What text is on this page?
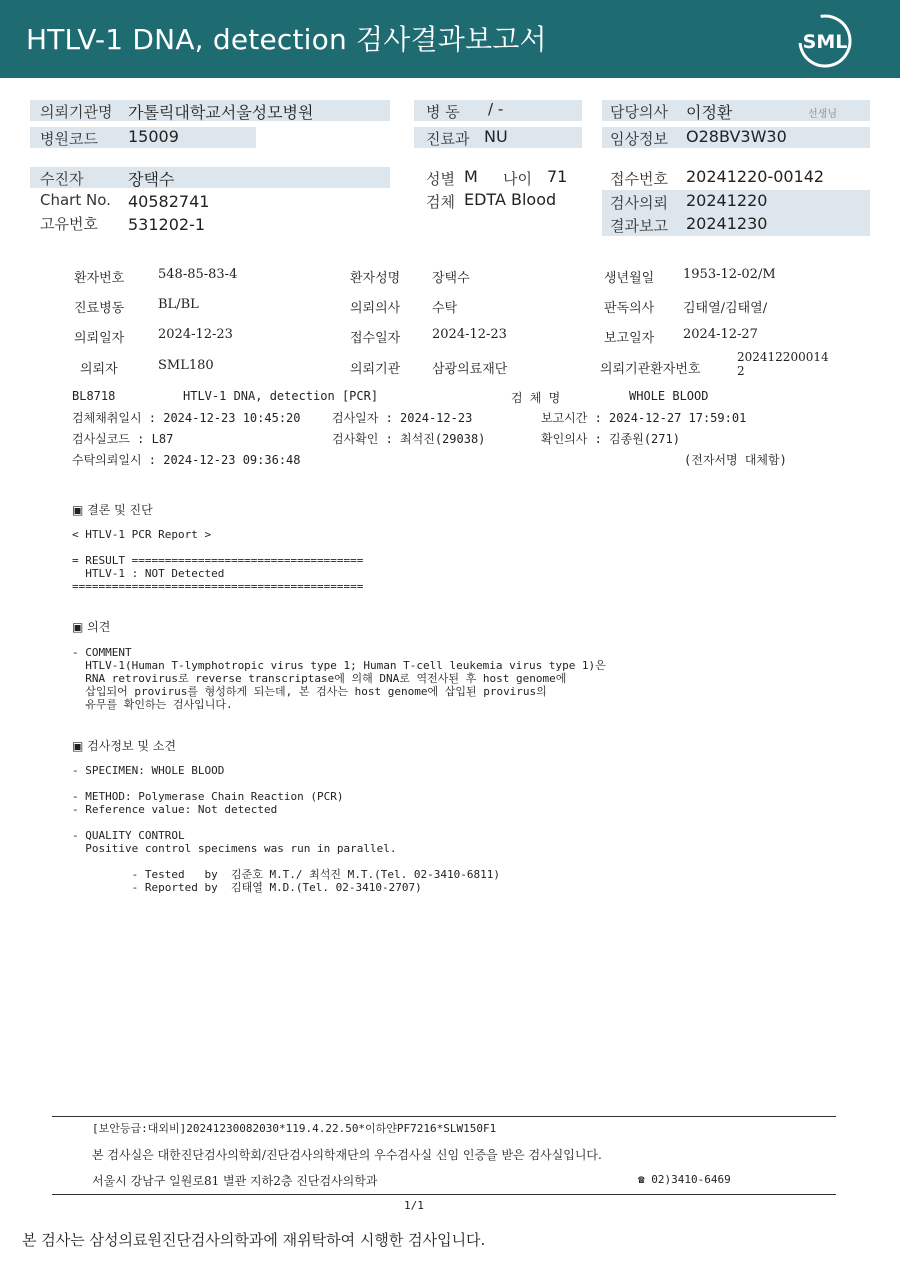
HTLV-1 DNA, detection 검사결과보고서	SML
의뢰기관명 가톨릭대학교서울성모병원
병원코드 15009
병 동 / -
진료과 NU
담당의사 이정환	선생님
임상정보 O28BV3W30
수진자	장택수
Chart No. 40582741
고유번호 531202-1
성별 M 나이 71
검체 EDTA Blood
접수번호 20241220-00142
검사의뢰 20241220
결과보고 20241230
환자번호	548-85-83-4	환자성명 장택수	생년월일 1953-12-02/M
진료병동	BL/BL	의뢰의사 수탁	판독의사 김태열/김태열/
의뢰일자	2024-12-23	접수일자 2024-12-23	보고일자 2024-12-27
의뢰자	SML180	의뢰기관 삼광의료재단	의뢰기관환자번호
202412200014
2
BL8718	HTLV-1 DNA, detection [PCR]	검 체 명	WHOLE BLOOD
검체채취일시 : 2024-12-23 10:45:20	검사일자 : 2024-12-23	보고시간 : 2024-12-27 17:59:01
검사실코드 : L87	검사확인 : 최석진(29038)	확인의사 : 김종원(271)
수탁의뢰일시 : 2024-12-23 09:36:48	(전자서명 대체함)
▣ 결론 및 진단
< HTLV-1 PCR Report >

= RESULT ===================================
HTLV-1 : NOT Detected
============================================
▣ 의견
- COMMENT
HTLV-1(Human T-lymphotropic virus type 1; Human T-cell leukemia virus type 1)은
RNA retrovirus로 reverse transcriptase에 의해 DNA로 역전사된 후 host genome에
삽입되어 provirus를 형성하게 되는데, 본 검사는 host genome에 삽입된 provirus의
유무를 확인하는 검사입니다.
▣ 검사정보 및 소견
- SPECIMEN: WHOLE BLOOD

- METHOD: Polymerase Chain Reaction (PCR)
- Reference value: Not detected

- QUALITY CONTROL
Positive control specimens was run in parallel.

- Tested   by  김준호 M.T./ 최석진 M.T.(Tel. 02-3410-6811)
- Reported by  김태열 M.D.(Tel. 02-3410-2707)
[보안등급:대외비]20241230082030*119.4.22.50*이하얀PF7216*SLW150F1
본 검사실은 대한진단검사의학회/진단검사의학재단의 우수검사실 신임 인증을 받은 검사실입니다.
서울시 강남구 일원로81 별관 지하2층 진단검사의학과	☎ 02)3410-6469
1/1
본 검사는 삼성의료원진단검사의학과에 재위탁하여 시행한 검사입니다.
